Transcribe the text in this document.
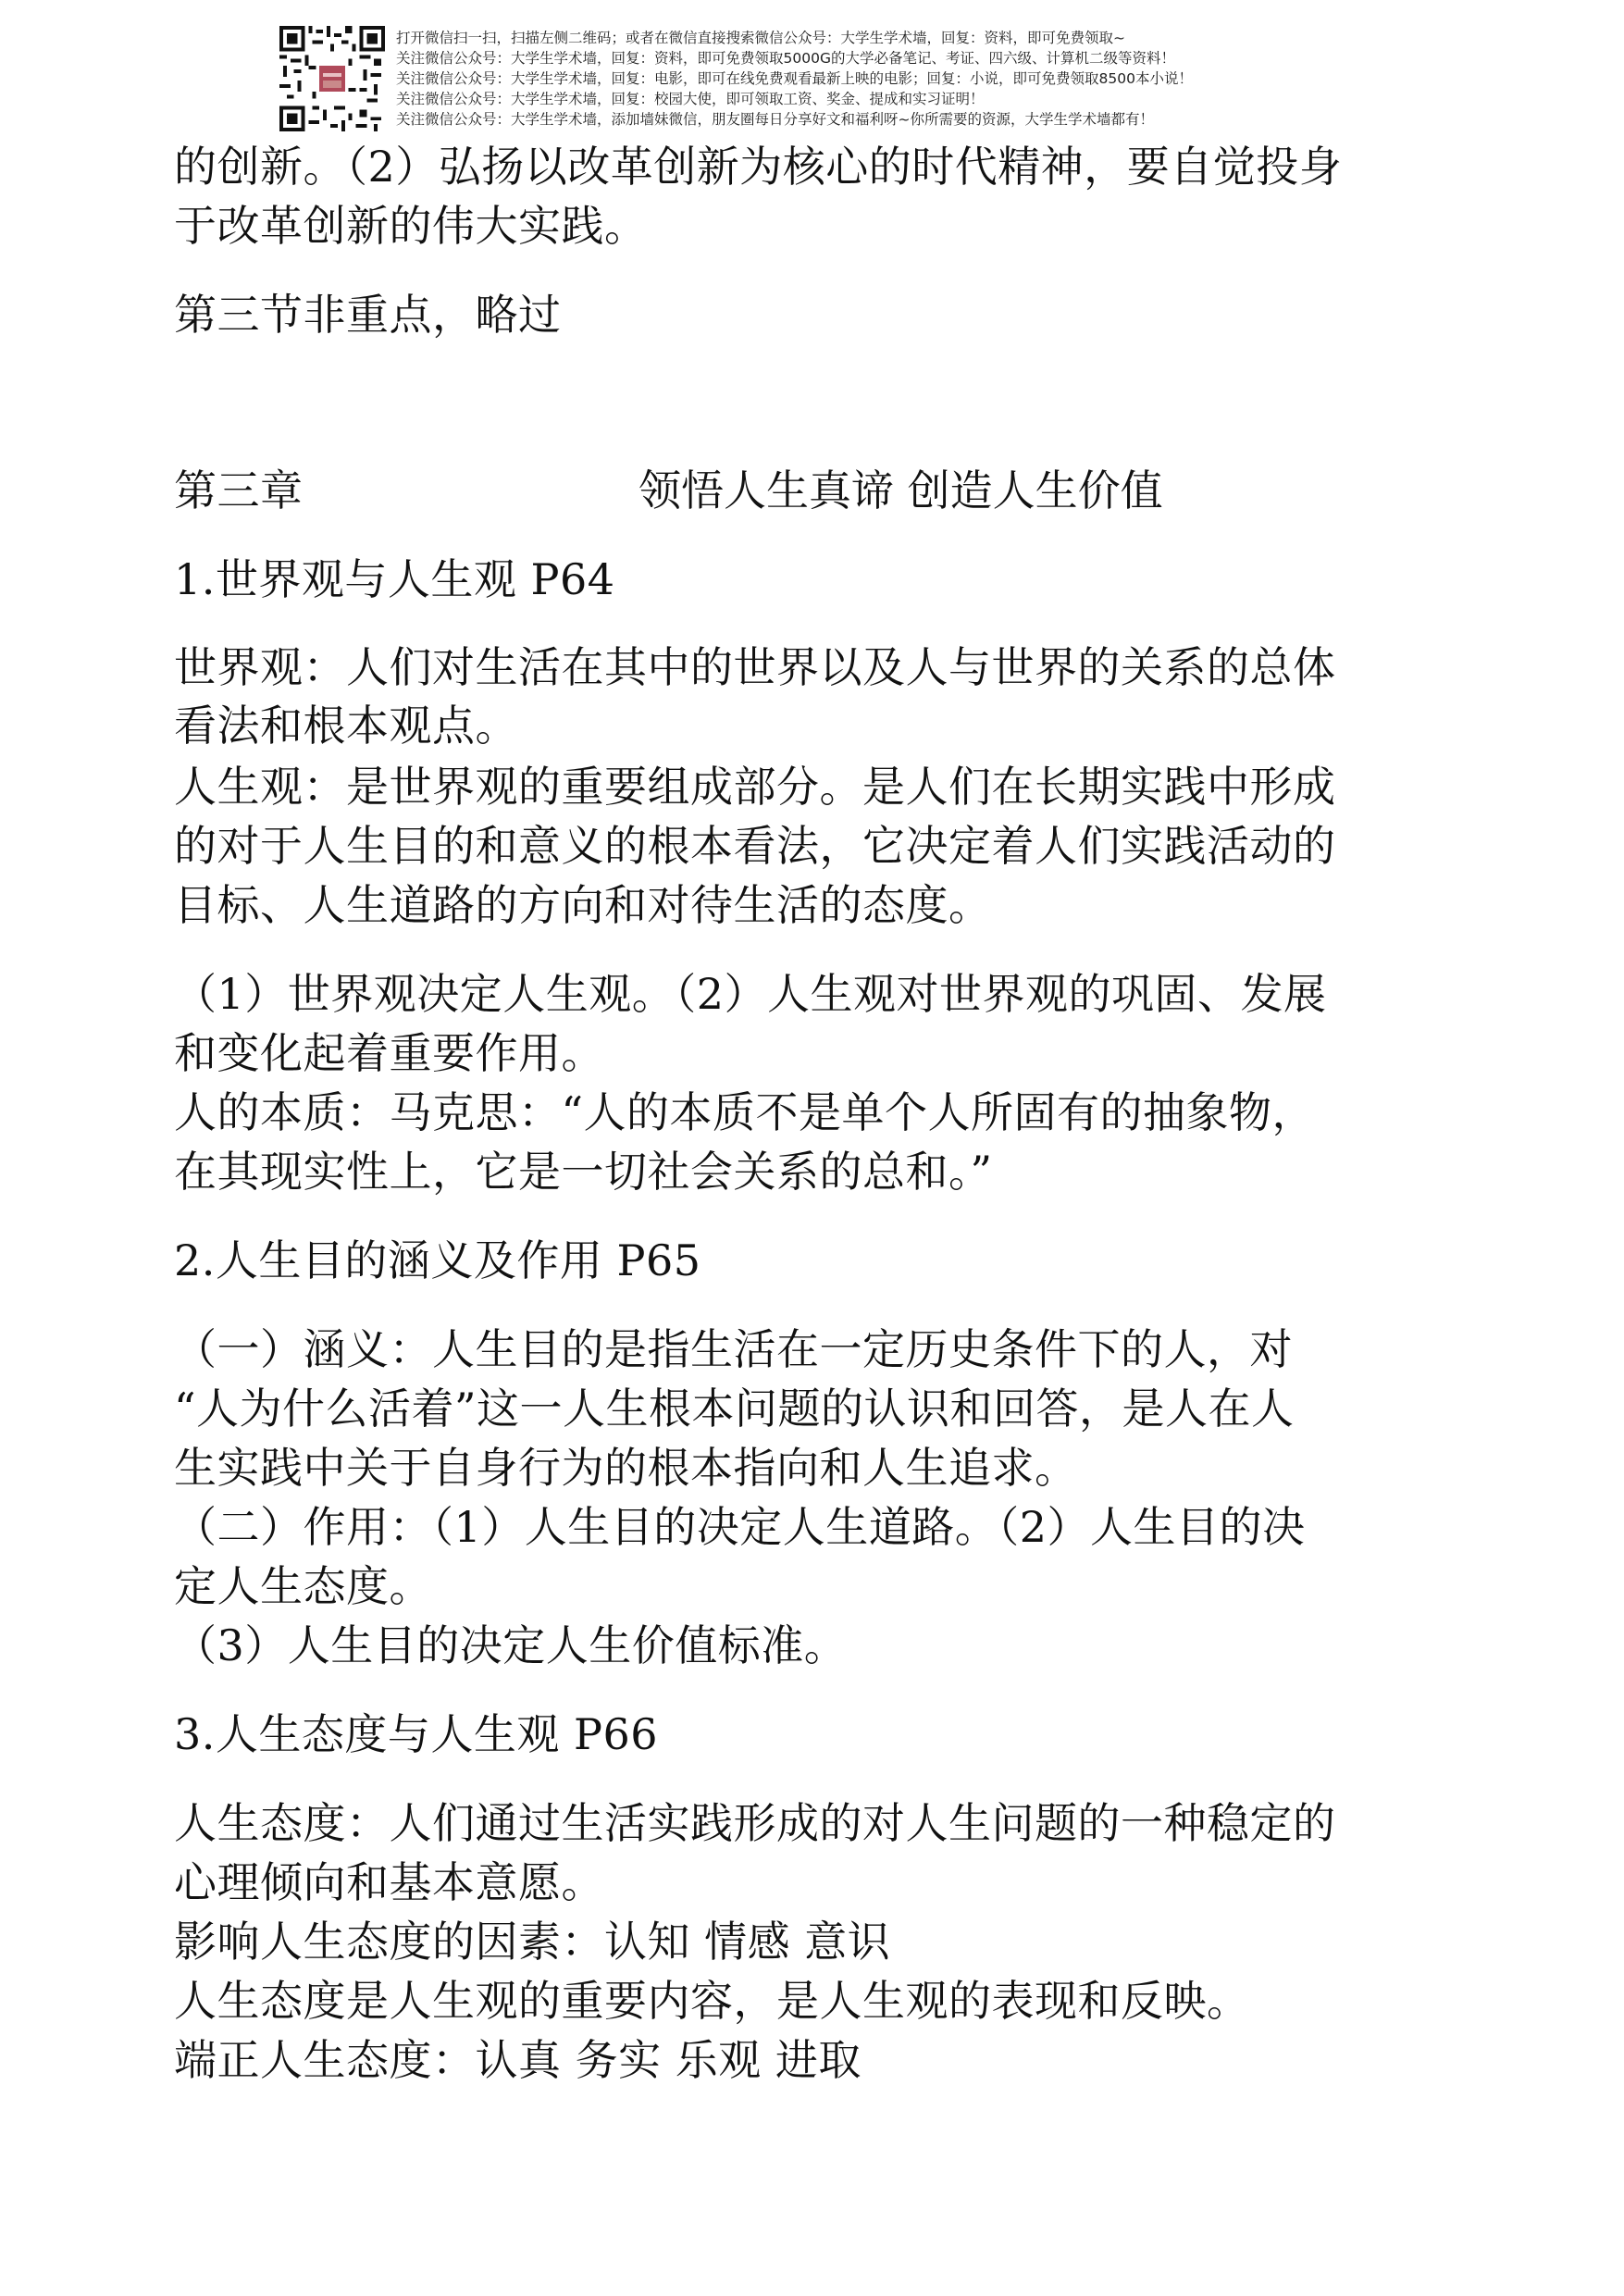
打开微信扫一扫，扫描左侧二维码；或者在微信直接搜索微信公众号：大学生学术墙，回复：资料，即可免费领取~
关注微信公众号：大学生学术墙，回复：资料，即可免费领取5000G的大学必备笔记、考证、四六级、计算机二级等资料！
关注微信公众号：大学生学术墙，回复：电影，即可在线免费观看最新上映的电影；回复：小说，即可免费领取8500本小说！
关注微信公众号：大学生学术墙，回复：校园大使，即可领取工资、奖金、提成和实习证明！
关注微信公众号：大学生学术墙，添加墙妹微信，朋友圈每日分享好文和福利呀~你所需要的资源，大学生学术墙都有！
的创新。（2）弘扬以改革创新为核心的时代精神，要自觉投身
于改革创新的伟大实践。
第三节非重点，略过
第三章	领悟人生真谛 创造人生价值
1.世界观与人生观 P64
世界观：人们对生活在其中的世界以及人与世界的关系的总体
看法和根本观点。
人生观：是世界观的重要组成部分。是人们在长期实践中形成
的对于人生目的和意义的根本看法，它决定着人们实践活动的
目标、人生道路的方向和对待生活的态度。
（1）世界观决定人生观。（2）人生观对世界观的巩固、发展
和变化起着重要作用。
人的本质：马克思：“人的本质不是单个人所固有的抽象物，
在其现实性上，它是一切社会关系的总和。”
2.人生目的涵义及作用 P65
（一）涵义：人生目的是指生活在一定历史条件下的人，对
“人为什么活着”这一人生根本问题的认识和回答，是人在人
生实践中关于自身行为的根本指向和人生追求。
（二）作用：（1）人生目的决定人生道路。（2）人生目的决
定人生态度。
（3）人生目的决定人生价值标准。
3.人生态度与人生观 P66
人生态度：人们通过生活实践形成的对人生问题的一种稳定的
心理倾向和基本意愿。
影响人生态度的因素：认知 情感 意识
人生态度是人生观的重要内容，是人生观的表现和反映。
端正人生态度：认真 务实 乐观 进取
